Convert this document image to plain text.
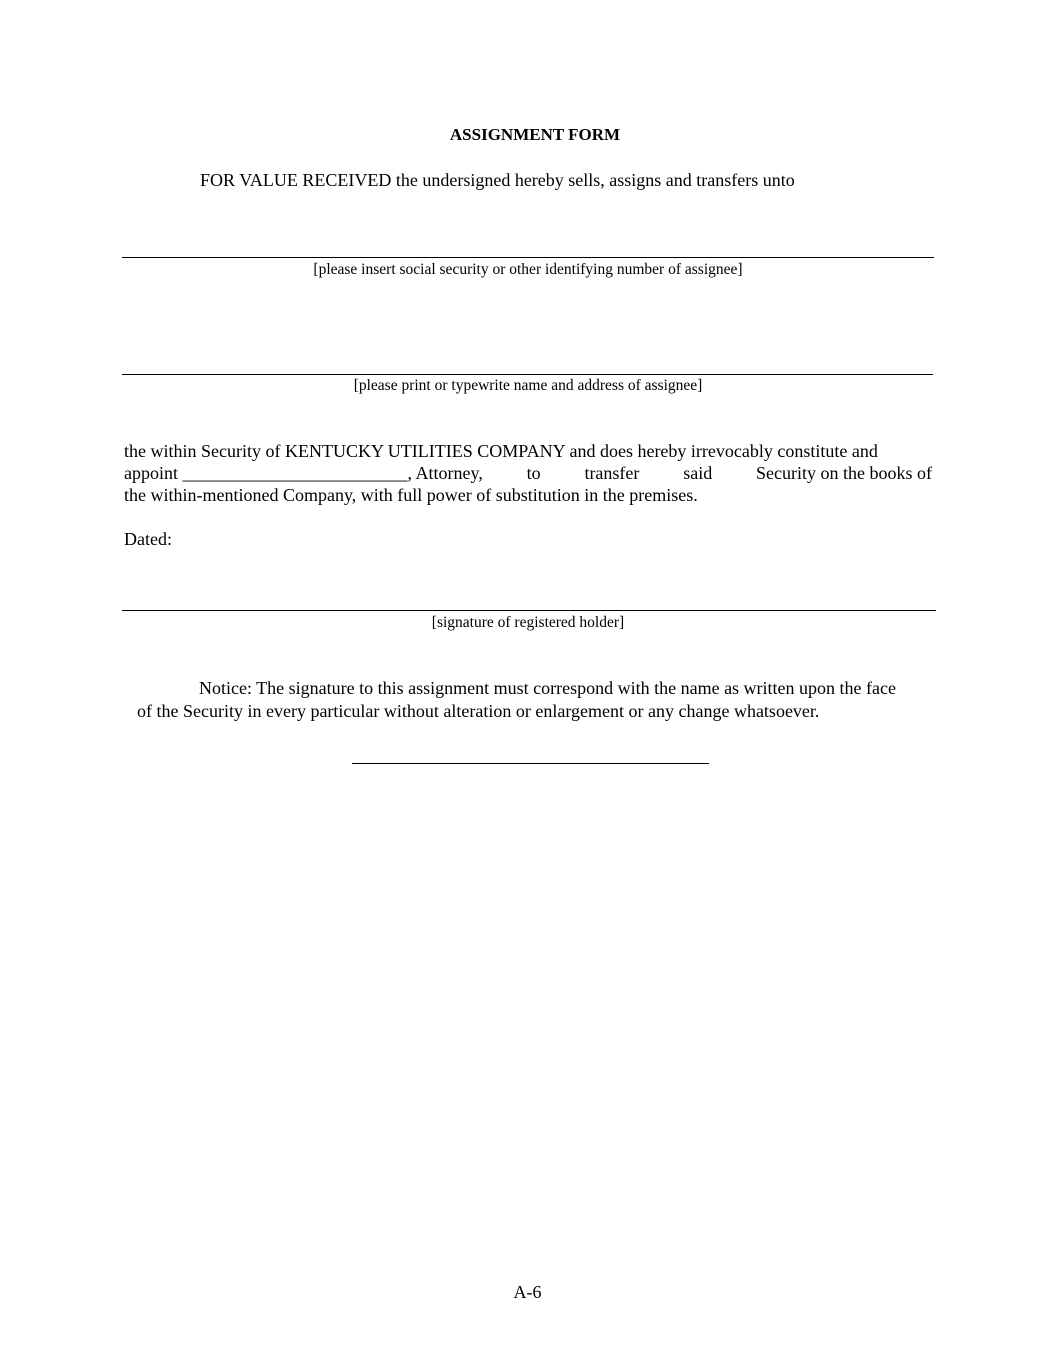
ASSIGNMENT FORM
FOR VALUE RECEIVED the undersigned hereby sells, assigns and transfers unto
[please insert social security or other identifying number of assignee]
[please print or typewrite name and address of assignee]
the within Security of KENTUCKY UTILITIES COMPANY and does hereby irrevocably constitute and
appoint _________________________, Attorney, to transfer said Security on the books of
the within-mentioned Company, with full power of substitution in the premises.
Dated:
[signature of registered holder]
Notice: The signature to this assignment must correspond with the name as written upon the face
of the Security in every particular without alteration or enlargement or any change whatsoever.
A-6
